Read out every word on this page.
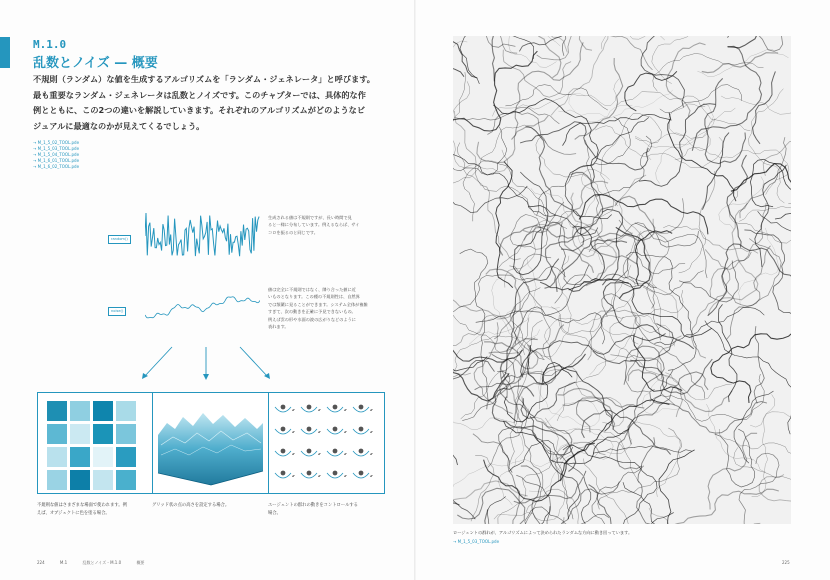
M.1.0
乱数とノイズ — 概要
不規則（ランダム）な値を生成するアルゴリズムを「ランダム・ジェネレータ」と呼びます。
最も重要なランダム・ジェネレータは乱数とノイズです。このチャプターでは、具体的な作
例とともに、この2つの違いを解説していきます。それぞれのアルゴリズムがどのようなビ
ジュアルに最適なのかが見えてくるでしょう。
→ M_1_5_02_TOOL.pde
→ M_1_5_03_TOOL.pde
→ M_1_5_04_TOOL.pde
→ M_1_6_01_TOOL.pde
→ M_1_6_02_TOOL.pde
random()
noise()
生成される値は不規則ですが、長い時間で見
ると一様に分布しています。例えるならば、サイ
コロを振るのと同じです。
値は完全に不規則ではなく、隣り合った値に近
いものとなります。この種の不規則性は、自然界
では頻繁に見ることができます。システム全体が複雑
すぎて、次の動きを正確に予見できないもの。
例えば雲の形や水面の波の広がりなどのように
表れます。
不規則な値はさまざまな場面で使われます。例
えば、オブジェクトに色を塗る場合。
グリッド状の点の高さを設定する場合。	エージェントの群れの動きをコントロールする
場合。
224	M.1	乱数とノイズ - M.1.0	概要	225
ロージェントの群れが、アルゴリズムによって決められたランダムな方向に動き回っています。
→ M_1_5_03_TOOL.pde
